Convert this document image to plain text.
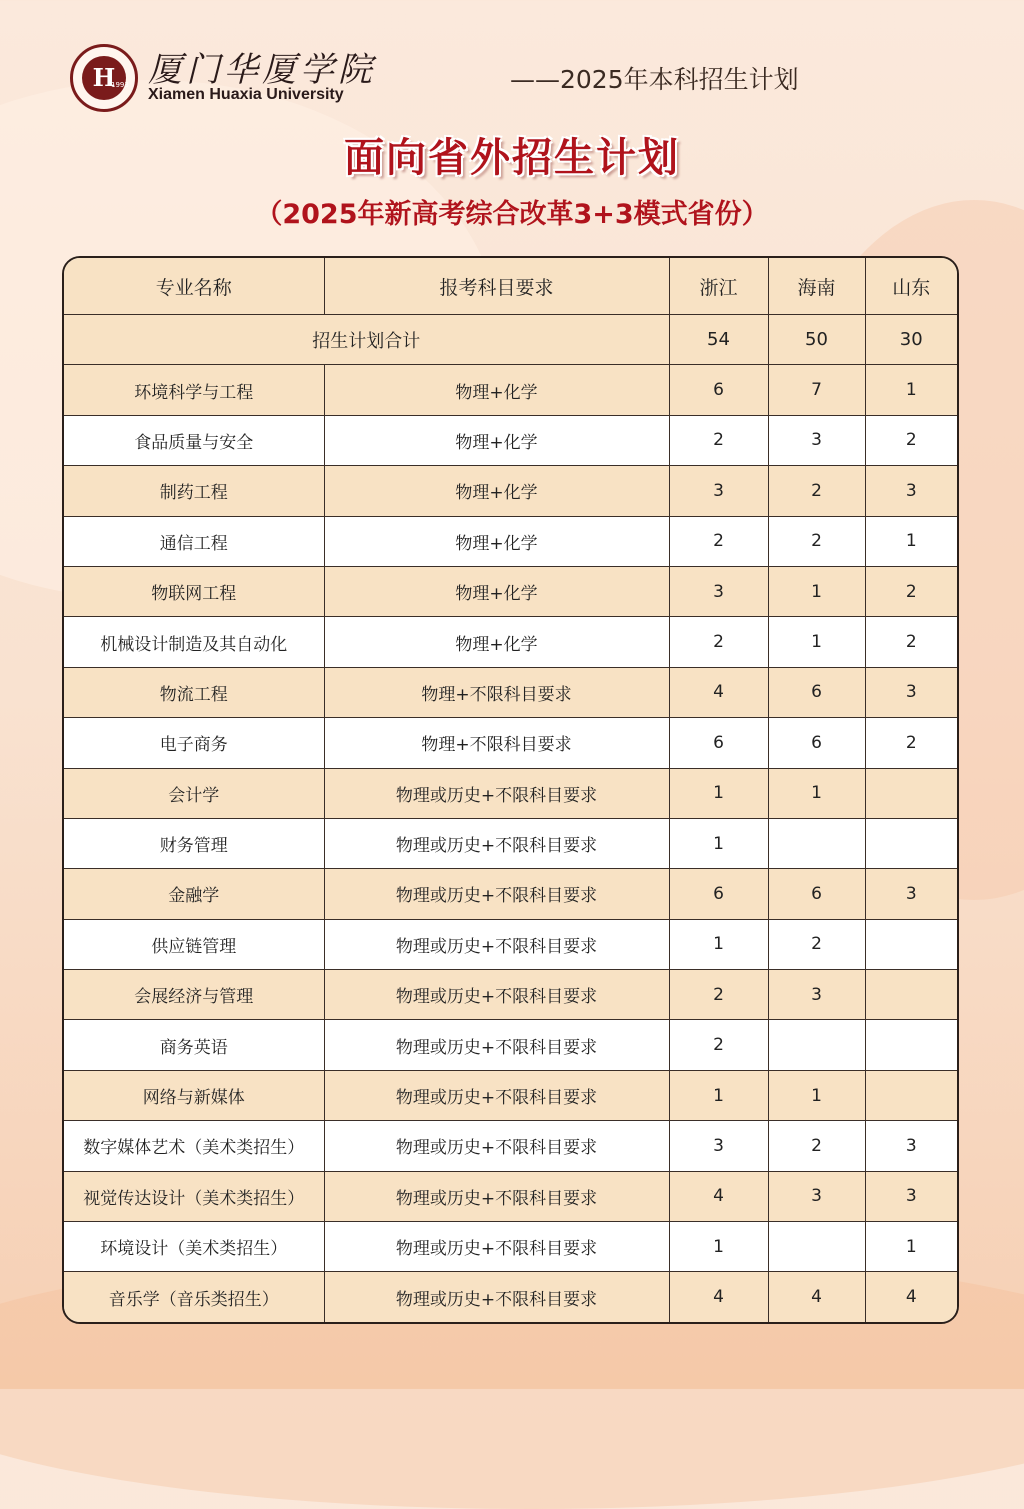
H
1993 厦门华厦学院
Xiamen Huaxia University
——2025年本科招生计划
面向省外招生计划
（2025年新高考综合改革3+3模式省份）
专业名称	报考科目要求	浙江	海南	山东
招生计划合计		54	50	30
环境科学与工程	物理+化学	6	7	1
食品质量与安全	物理+化学	2	3	2
制药工程	物理+化学	3	2	3
通信工程	物理+化学	2	2	1
物联网工程	物理+化学	3	1	2
机械设计制造及其自动化	物理+化学	2	1	2
物流工程	物理+不限科目要求	4	6	3
电子商务	物理+不限科目要求	6	6	2
会计学	物理或历史+不限科目要求	1	1	
财务管理	物理或历史+不限科目要求	1		
金融学	物理或历史+不限科目要求	6	6	3
供应链管理	物理或历史+不限科目要求	1	2	
会展经济与管理	物理或历史+不限科目要求	2	3	
商务英语	物理或历史+不限科目要求	2		
网络与新媒体	物理或历史+不限科目要求	1	1	
数字媒体艺术（美术类招生）	物理或历史+不限科目要求	3	2	3
视觉传达设计（美术类招生）	物理或历史+不限科目要求	4	3	3
环境设计（美术类招生）	物理或历史+不限科目要求	1		1
音乐学（音乐类招生）	物理或历史+不限科目要求	4	4	4
